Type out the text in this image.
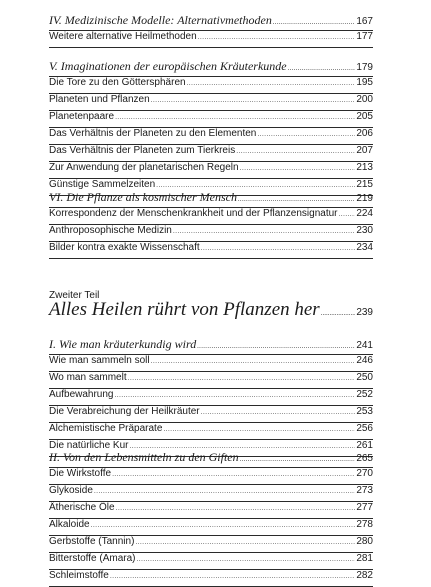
IV. Medizinische Modelle: Alternativmethoden .....	167
Weitere alternative Heilmethoden .....	177
V. Imaginationen der europäischen Kräuterkunde .....	179
Die Tore zu den Göttersphären .....	195
Planeten und Pflanzen .....	200
Planetenpaare .....	205
Das Verhältnis der Planeten zu den Elementen .....	206
Das Verhältnis der Planeten zum Tierkreis .....	207
Zur Anwendung der planetarischen Regeln .....	213
Günstige Sammelzeiten .....	215
VI. Die Pflanze als kosmischer Mensch .....	219
Korrespondenz der Menschenkrankheit und der Pflanzensignatur ..... 224
Anthroposophische Medizin .....	230
Bilder kontra exakte Wissenschaft .....	234
Zweiter Teil
Alles Heilen rührt von Pflanzen her .....	239
I. Wie man kräuterkundig wird .....	241
Wie man sammeln soll .....	246
Wo man sammelt .....	250
Aufbewahrung .....	252
Die Verabreichung der Heilkräuter .....	253
Alchemistische Präparate .....	256
Die natürliche Kur .....	261
II. Von den Lebensmitteln zu den Giften .....	265
Die Wirkstoffe .....	270
Glykoside .....	273
Ätherische Öle .....	277
Alkaloide .....	278
Gerbstoffe (Tannin) .....	280
Bitterstoffe (Amara) .....	281
Schleimstoffe .....	282
